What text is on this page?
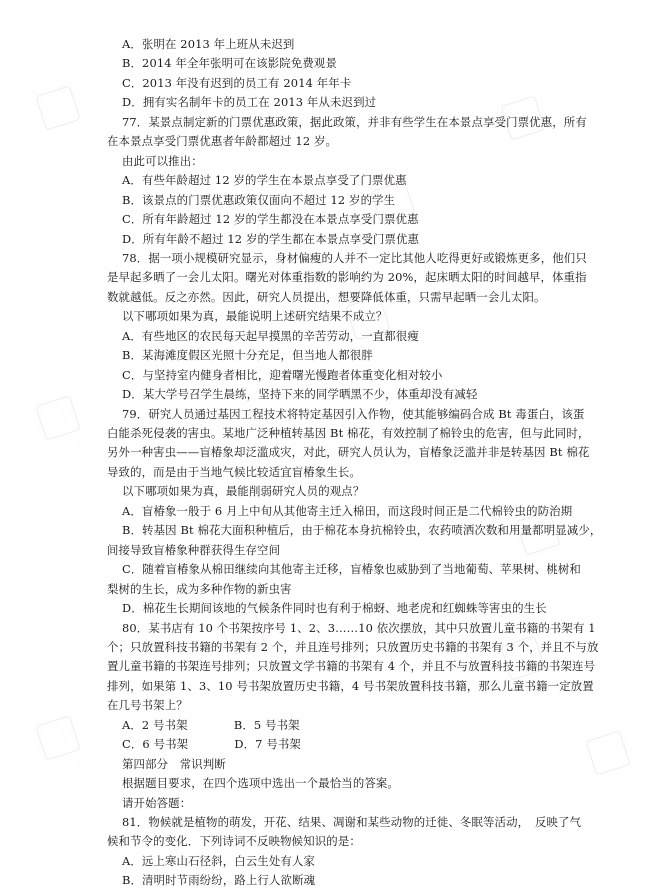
A．张明在 2013 年上班从未迟到
B．2014 年全年张明可在该影院免费观景
C．2013 年没有迟到的员工有 2014 年年卡
D．拥有实名制年卡的员工在 2013 年从未迟到过
77．某景点制定新的门票优惠政策，据此政策，并非有些学生在本景点享受门票优惠，所有
在本景点享受门票优惠者年龄都超过 12 岁。
由此可以推出：
A．有些年龄超过 12 岁的学生在本景点享受了门票优惠
B．该景点的门票优惠政策仅面向不超过 12 岁的学生
C．所有年龄超过 12 岁的学生都没在本景点享受门票优惠
D．所有年龄不超过 12 岁的学生都在本景点享受门票优惠
78．据一项小规模研究显示，身材偏瘦的人并不一定比其他人吃得更好或锻炼更多，他们只
是早起多晒了一会儿太阳。曙光对体重指数的影响约为 20%，起床晒太阳的时间越早，体重指
数就越低。反之亦然。因此，研究人员提出，想要降低体重，只需早起晒一会儿太阳。
以下哪项如果为真，最能说明上述研究结果不成立？
A．有些地区的农民每天起早摸黑的辛苦劳动，一直都很瘦
B．某海滩度假区光照十分充足，但当地人都很胖
C．与坚持室内健身者相比，迎着曙光慢跑者体重变化相对较小
D．某大学号召学生晨练，坚持下来的同学晒黑不少，体重却没有减轻
79．研究人员通过基因工程技术将特定基因引入作物，使其能够编码合成 Bt 毒蛋白，该蛋
白能杀死侵袭的害虫。某地广泛种植转基因 Bt 棉花，有效控制了棉铃虫的危害，但与此同时，
另外一种害虫——盲椿象却泛滥成灾，对此，研究人员认为，盲椿象泛滥并非是转基因 Bt 棉花
导致的，而是由于当地气候比较适宜盲椿象生长。
以下哪项如果为真，最能削弱研究人员的观点？
A．盲椿象一般于 6 月上中旬从其他寄主迁入棉田，而这段时间正是二代棉铃虫的防治期
B．转基因 Bt 棉花大面积种植后，由于棉花本身抗棉铃虫，农药喷洒次数和用量都明显减少，
间接导致盲椿象种群获得生存空间
C．随着盲椿象从棉田继续向其他寄主迁移，盲椿象也威胁到了当地葡萄、苹果树、桃树和
梨树的生长，成为多种作物的新虫害
D．棉花生长期间该地的气候条件同时也有利于棉蚜、地老虎和红蜘蛛等害虫的生长
80．某书店有 10 个书架按序号 1、2、3……10 依次摆放，其中只放置儿童书籍的书架有 1
个；只放置科技书籍的书架有 2 个，并且连号排列；只放置历史书籍的书架有 3 个，并且不与放
置儿童书籍的书架连号排列；只放置文学书籍的书架有 4 个，并且不与放置科技书籍的书架连号
排列，如果第 1、3、10 号书架放置历史书籍，4 号书架放置科技书籍，那么儿童书籍一定放置
在几号书架上？
A．2 号书架　　　　B．5 号书架
C．6 号书架　　　　D．7 号书架
第四部分　常识判断
根据题目要求，在四个选项中选出一个最恰当的答案。
请开始答题：
81．物候就是植物的萌发，开花、结果、凋谢和某些动物的迁徙、冬眠等活动，　反映了气
候和节令的变化．下列诗词不反映物候知识的是：
A．远上寒山石径斜，白云生处有人家
B．清明时节雨纷纷，路上行人欲断魂
